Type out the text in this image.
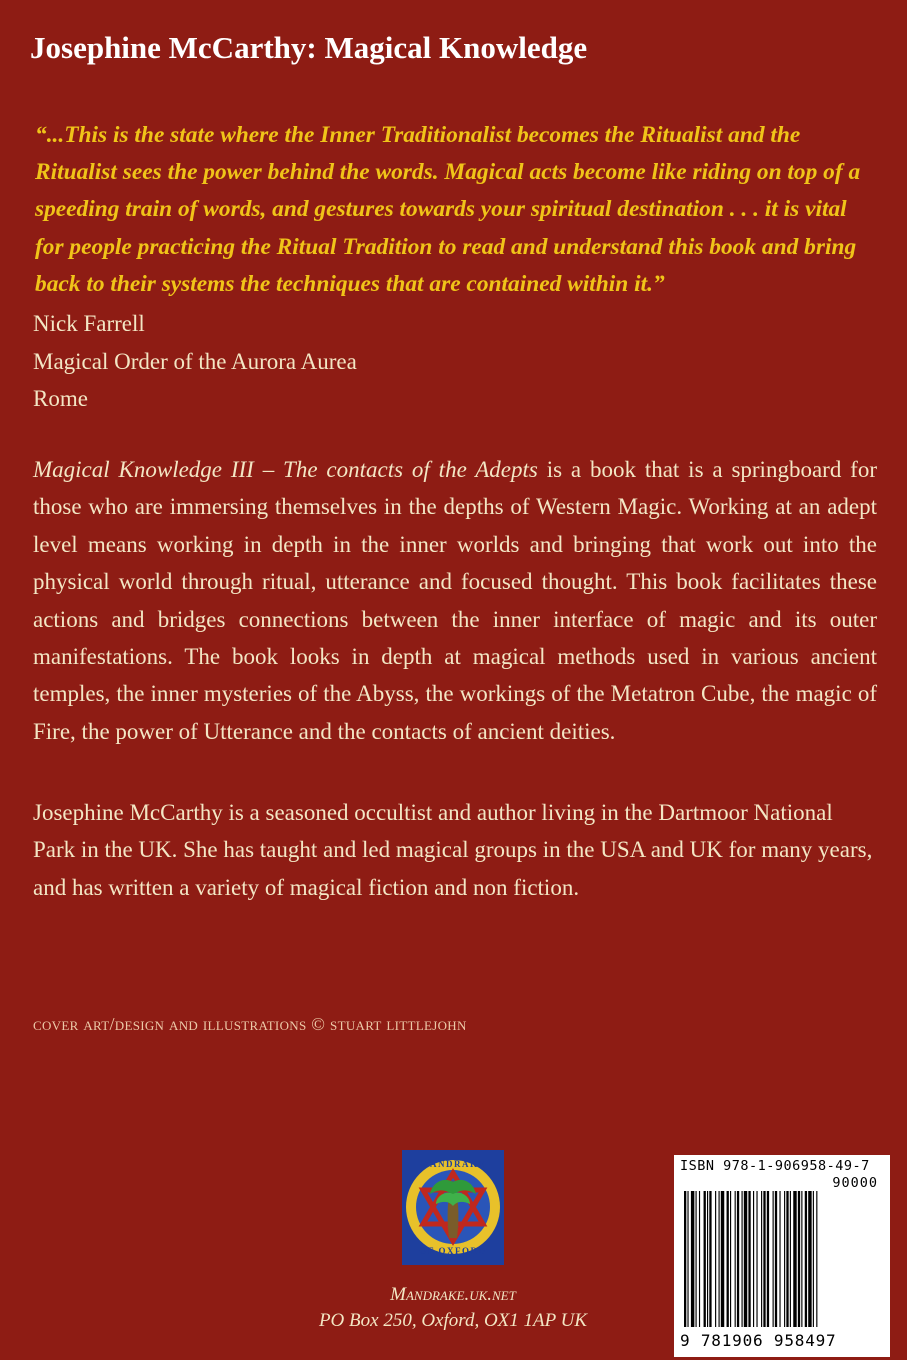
Josephine McCarthy: Magical Knowledge
“...This is the state where the Inner Traditionalist becomes the Ritualist and the Ritualist sees the power behind the words. Magical acts become like riding on top of a speeding train of words, and gestures towards your spiritual destination . . . it is vital for people practicing the Ritual Tradition to read and understand this book and bring back to their systems the techniques that are contained within it.”
Nick Farrell
Magical Order of the Aurora Aurea
Rome
Magical Knowledge III – The contacts of the Adepts is a book that is a springboard for those who are immersing themselves in the depths of Western Magic. Working at an adept level means working in depth in the inner worlds and bringing that work out into the physical world through ritual, utterance and focused thought. This book facilitates these actions and bridges connections between the inner interface of magic and its outer manifestations. The book looks in depth at magical methods used in various ancient temples, the inner mysteries of the Abyss, the workings of the Metatron Cube, the magic of Fire, the power of Utterance and the contacts of ancient deities.
Josephine McCarthy is a seasoned occultist and author living in the Dartmoor National Park in the UK. She has taught and led magical groups in the USA and UK for many years, and has written a variety of magical fiction and non fiction.
cover art/design and illustrations © stuart littlejohn
MANDRAKE
OF OXFORD
Mandrake.uk.net
PO Box 250, Oxford, OX1 1AP UK
ISBN 978-1-906958-49-7
90000
9 781906 958497
